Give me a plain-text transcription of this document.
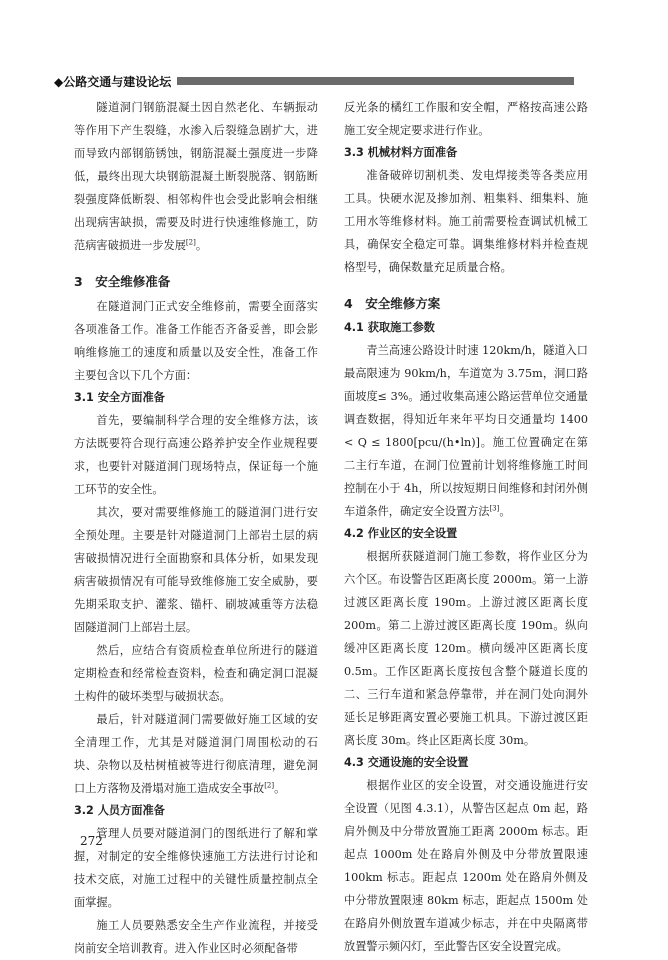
◆公路交通与建设论坛

隧道洞门钢筋混凝土因自然老化、车辆振动等作用下产生裂缝，水渗入后裂缝急剧扩大，进而导致内部钢筋锈蚀，钢筋混凝土强度进一步降低，最终出现大块钢筋混凝土断裂脱落、钢筋断裂强度降低断裂、相邻构件也会受此影响会相继出现病害缺损，需要及时进行快速维修施工，防范病害破损进一步发展[2]。

3　安全维修准备

在隧道洞门正式安全维修前，需要全面落实各项准备工作。准备工作能否齐备妥善，即会影响维修施工的速度和质量以及安全性，准备工作主要包含以下几个方面：

3.1 安全方面准备

首先，要编制科学合理的安全维修方法，该方法既要符合现行高速公路养护安全作业规程要求，也要针对隧道洞门现场特点，保证每一个施工环节的安全性。

其次，要对需要维修施工的隧道洞门进行安全预处理。主要是针对隧道洞门上部岩土层的病害破损情况进行全面勘察和具体分析，如果发现病害破损情况有可能导致维修施工安全威胁，要先期采取支护、灌浆、锚杆、刷坡减重等方法稳固隧道洞门上部岩土层。

然后，应结合有资质检查单位所进行的隧道定期检查和经常检查资料，检查和确定洞口混凝土构件的破坏类型与破损状态。

最后，针对隧道洞门需要做好施工区域的安全清理工作，尤其是对隧道洞门周围松动的石块、杂物以及枯树植被等进行彻底清理，避免洞口上方落物及滑塌对施工造成安全事故[2]。

3.2 人员方面准备

管理人员要对隧道洞门的图纸进行了解和掌握，对制定的安全维修快速施工方法进行讨论和技术交底，对施工过程中的关键性质量控制点全面掌握。

施工人员要熟悉安全生产作业流程，并接受岗前安全培训教育。进入作业区时必须配备带

反光条的橘红工作服和安全帽，严格按高速公路施工安全规定要求进行作业。

3.3 机械材料方面准备

准备破碎切割机类、发电焊接类等各类应用工具。快硬水泥及掺加剂、粗集料、细集料、施工用水等维修材料。施工前需要检查调试机械工具，确保安全稳定可靠。调集维修材料并检查规格型号，确保数量充足质量合格。

4　安全维修方案
4.1 获取施工参数

青兰高速公路设计时速 120km/h，隧道入口最高限速为 90km/h，车道宽为 3.75m，洞口路面坡度≤ 3%。通过收集高速公路运营单位交通量调查数据，得知近年来年平均日交通量均 1400 < Q ≤ 1800[pcu/(h•ln)]。施工位置确定在第二主行车道，在洞门位置前计划将维修施工时间控制在小于 4h，所以按短期日间维修和封闭外侧车道条件，确定安全设置方法[3]。

4.2 作业区的安全设置

根据所获隧道洞门施工参数，将作业区分为六个区。布设警告区距离长度 2000m。第一上游过渡区距离长度 190m。上游过渡区距离长度 200m。第二上游过渡区距离长度 190m。纵向缓冲区距离长度 120m。横向缓冲区距离长度 0.5m。工作区距离长度按包含整个隧道长度的二、三行车道和紧急停靠带，并在洞门处向洞外延长足够距离安置必要施工机具。下游过渡区距离长度 30m。终止区距离长度 30m。

4.3 交通设施的安全设置

根据作业区的安全设置，对交通设施进行安全设置（见图 4.3.1），从警告区起点 0m 起，路肩外侧及中分带放置施工距离 2000m 标志。距起点 1000m 处在路肩外侧及中分带放置限速 100km 标志。距起点 1200m 处在路肩外侧及中分带放置限速 80km 标志，距起点 1500m 处在路肩外侧放置车道减少标志，并在中央隔离带放置警示频闪灯，至此警告区安全设置完成。

272
